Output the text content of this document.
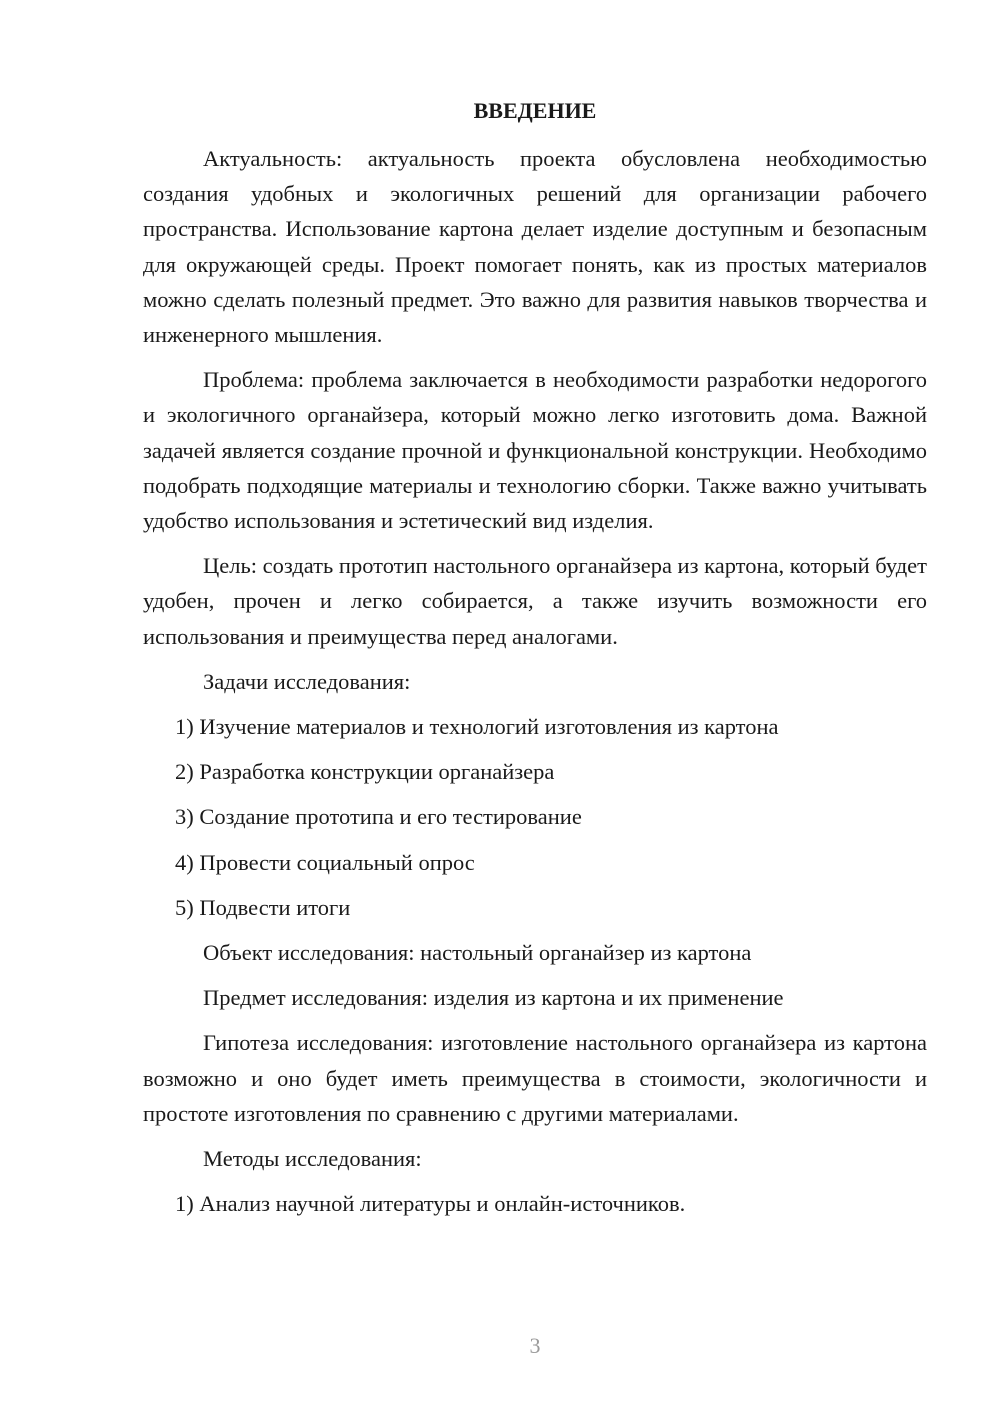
ВВЕДЕНИЕ

Актуальность: актуальность проекта обусловлена необходимостью создания удобных и экологичных решений для организации рабочего пространства. Использование картона делает изделие доступным и безопасным для окружающей среды. Проект помогает понять, как из простых материалов можно сделать полезный предмет. Это важно для развития навыков творчества и инженерного мышления.

Проблема: проблема заключается в необходимости разработки недорогого и экологичного органайзера, который можно легко изготовить дома. Важной задачей является создание прочной и функциональной конструкции. Необходимо подобрать подходящие материалы и технологию сборки. Также важно учитывать удобство использования и эстетический вид изделия.

Цель: создать прототип настольного органайзера из картона, который будет удобен, прочен и легко собирается, а также изучить возможности его использования и преимущества перед аналогами.

Задачи исследования:

1) Изучение материалов и технологий изготовления из картона

2) Разработка конструкции органайзера

3) Создание прототипа и его тестирование

4) Провести социальный опрос

5) Подвести итоги

Объект исследования: настольный органайзер из картона

Предмет исследования: изделия из картона и их применение

Гипотеза исследования: изготовление настольного органайзера из картона возможно и оно будет иметь преимущества в стоимости, экологичности и простоте изготовления по сравнению с другими материалами.

Методы исследования:

1) Анализ научной литературы и онлайн-источников.

3
